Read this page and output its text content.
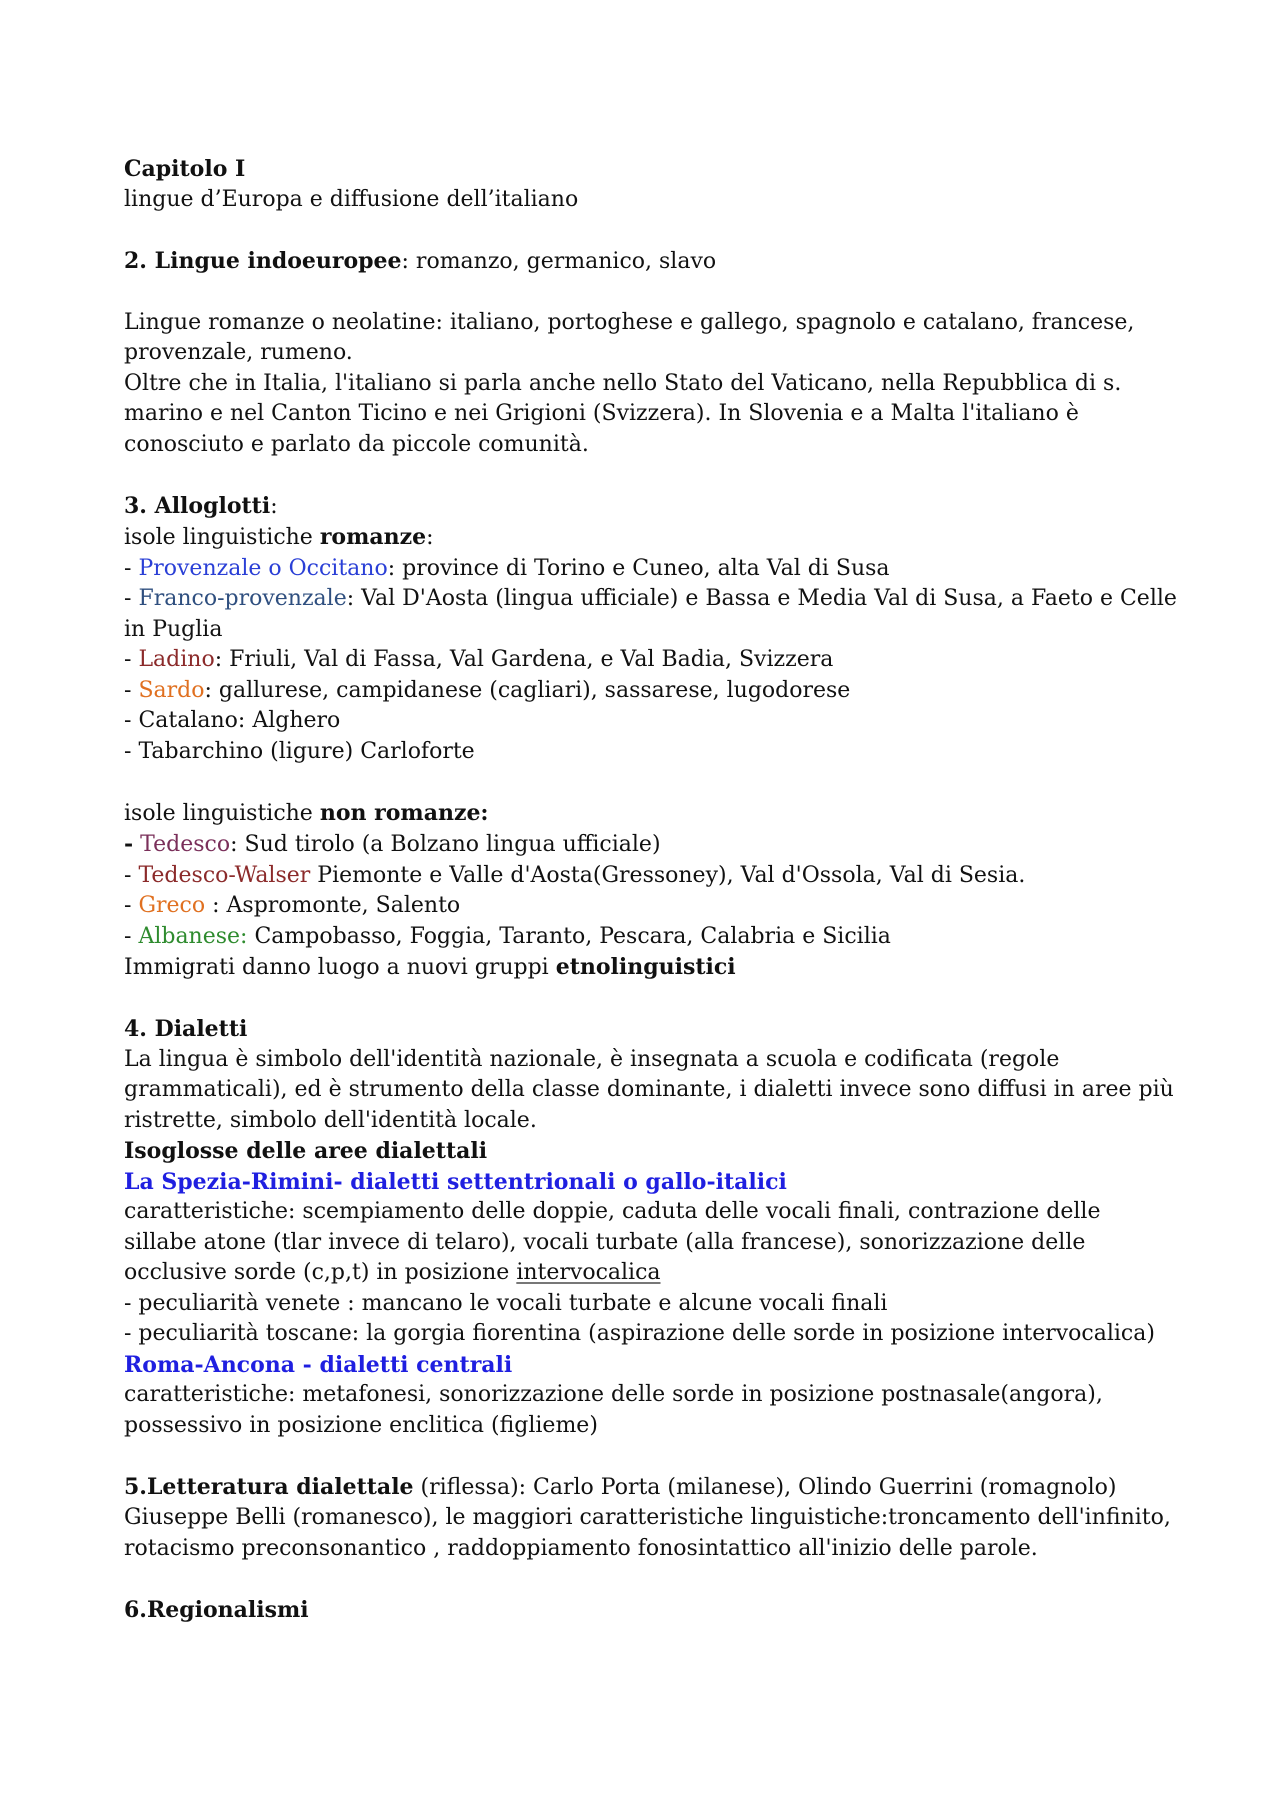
Capitolo I

lingue d’Europa e diffusione dell’italiano

2. Lingue indoeuropee: romanzo, germanico, slavo

Lingue romanze o neolatine: italiano, portoghese e gallego, spagnolo e catalano, francese, provenzale, rumeno.

Oltre che in Italia, l'italiano si parla anche nello Stato del Vaticano, nella Repubblica di s. marino e nel Canton Ticino e nei Grigioni (Svizzera). In Slovenia e a Malta l'italiano è conosciuto e parlato da piccole comunità.

3. Alloglotti:

isole linguistiche romanze:

- Provenzale o Occitano: province di Torino e Cuneo, alta Val di Susa

- Franco-provenzale: Val D'Aosta (lingua ufficiale) e Bassa e Media Val di Susa, a Faeto e Celle in Puglia

- Ladino: Friuli, Val di Fassa, Val Gardena, e Val Badia, Svizzera

- Sardo: gallurese, campidanese (cagliari), sassarese, lugodorese

- Catalano: Alghero

- Tabarchino (ligure) Carloforte

isole linguistiche non romanze:

- Tedesco: Sud tirolo (a Bolzano lingua ufficiale)

- Tedesco-Walser Piemonte e Valle d'Aosta(Gressoney), Val d'Ossola, Val di Sesia.

- Greco : Aspromonte, Salento

- Albanese: Campobasso, Foggia, Taranto, Pescara, Calabria e Sicilia

Immigrati danno luogo a nuovi gruppi etnolinguistici

4. Dialetti

La lingua è simbolo dell'identità nazionale, è insegnata a scuola e codificata (regole grammaticali), ed è strumento della classe dominante, i dialetti invece sono diffusi in aree più ristrette, simbolo dell'identità locale.

Isoglosse delle aree dialettali

La Spezia-Rimini- dialetti settentrionali o gallo-italici

caratteristiche: scempiamento delle doppie, caduta delle vocali finali, contrazione delle sillabe atone (tlar invece di telaro), vocali turbate (alla francese), sonorizzazione delle occlusive sorde (c,p,t) in posizione intervocalica

- peculiarità venete : mancano le vocali turbate e alcune vocali finali

- peculiarità toscane: la gorgia fiorentina (aspirazione delle sorde in posizione intervocalica)

Roma-Ancona - dialetti centrali

caratteristiche: metafonesi, sonorizzazione delle sorde in posizione postnasale(angora), possessivo in posizione enclitica (figlieme)

5.Letteratura dialettale (riflessa): Carlo Porta (milanese), Olindo Guerrini (romagnolo) Giuseppe Belli (romanesco), le maggiori caratteristiche linguistiche:troncamento dell'infinito, rotacismo preconsonantico , raddoppiamento fonosintattico all'inizio delle parole.

6.Regionalismi
